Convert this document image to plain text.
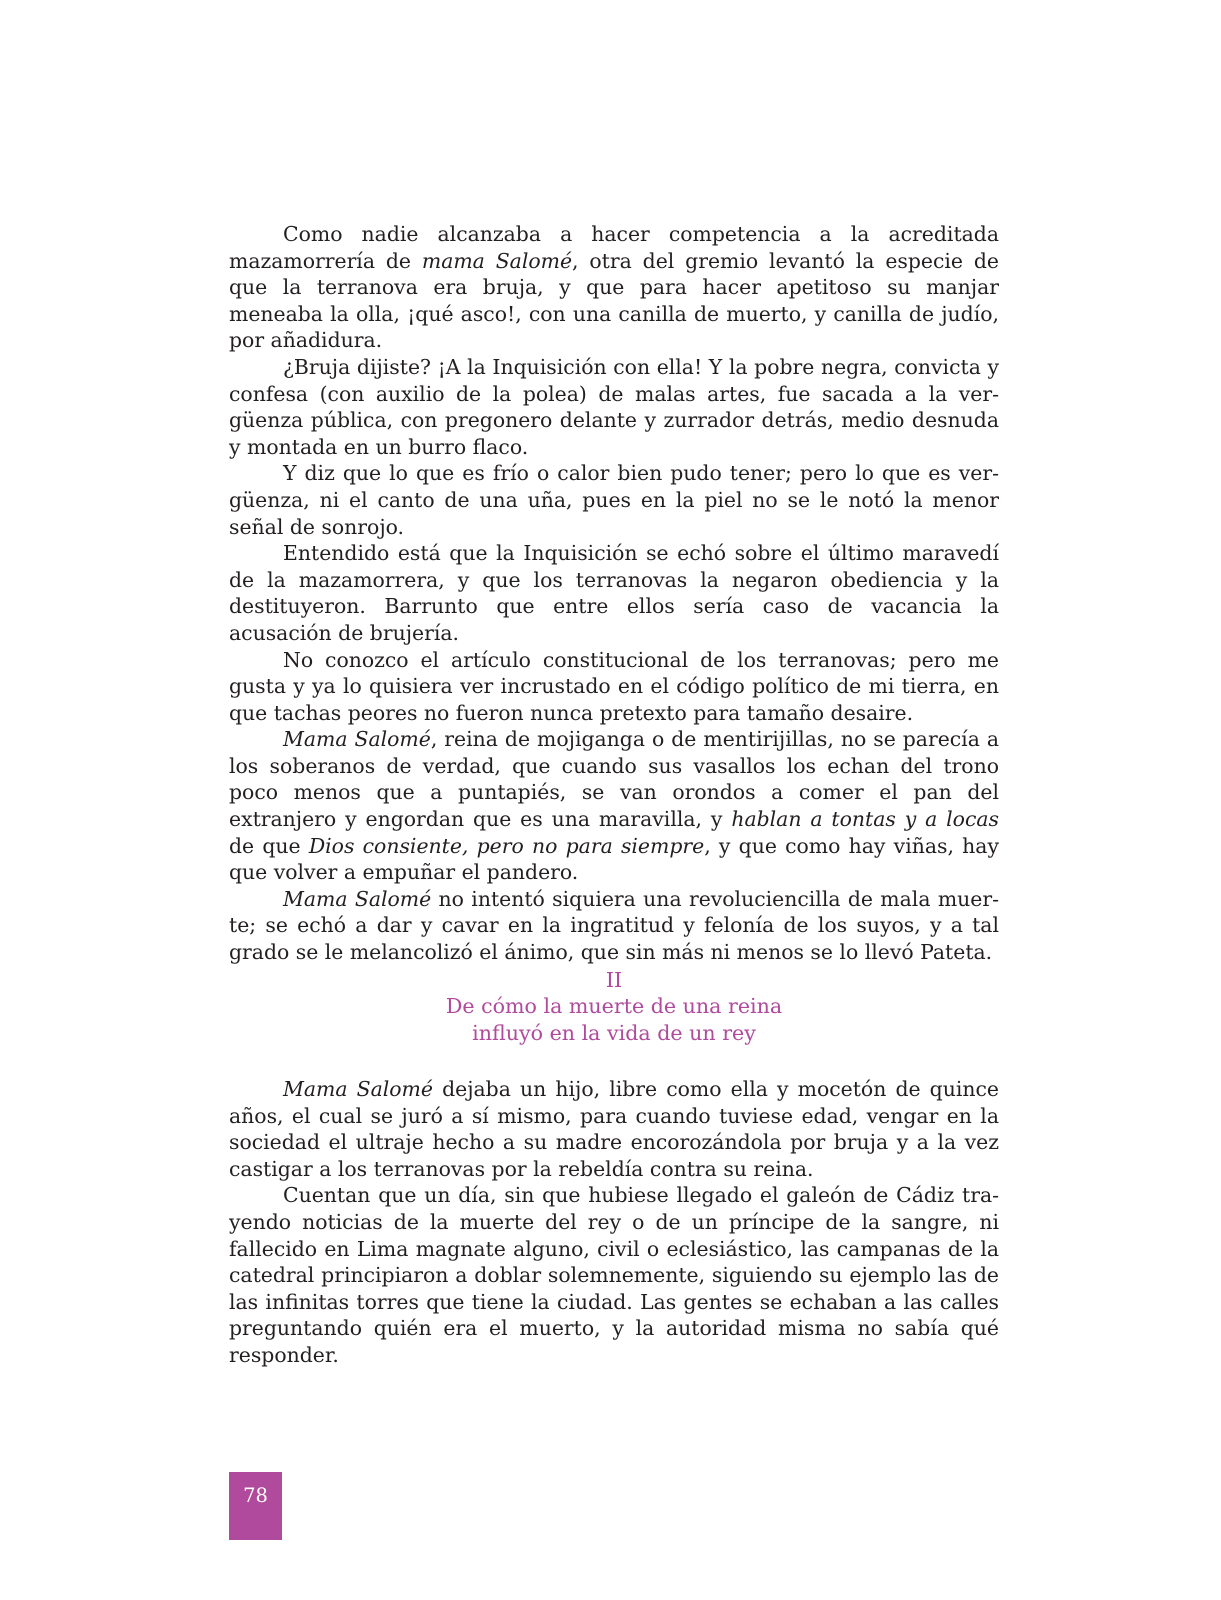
Como nadie alcanzaba a hacer competencia a la acreditada mazamorrería de mama Salomé, otra del gremio levantó la especie de que la terranova era bruja, y que para hacer apetitoso su manjar meneaba la olla, ¡qué asco!, con una canilla de muerto, y canilla de judío, por añadidura.

¿Bruja dijiste? ¡A la Inquisición con ella! Y la pobre negra, convicta y confesa (con auxilio de la polea) de malas artes, fue sacada a la vergüenza pública, con pregonero delante y zurrador detrás, medio desnuda y montada en un burro flaco.

Y diz que lo que es frío o calor bien pudo tener; pero lo que es vergüenza, ni el canto de una uña, pues en la piel no se le notó la menor señal de sonrojo.

Entendido está que la Inquisición se echó sobre el último maravedí de la mazamorrera, y que los terranovas la negaron obediencia y la destituyeron. Barrunto que entre ellos sería caso de vacancia la acusación de brujería.

No conozco el artículo constitucional de los terranovas; pero me gusta y ya lo quisiera ver incrustado en el código político de mi tierra, en que tachas peores no fueron nunca pretexto para tamaño desaire.

Mama Salomé, reina de mojiganga o de mentirijillas, no se parecía a los soberanos de verdad, que cuando sus vasallos los echan del trono poco menos que a puntapiés, se van orondos a comer el pan del extranjero y engordan que es una maravilla, y hablan a tontas y a locas de que Dios consiente, pero no para siempre, y que como hay viñas, hay que volver a empuñar el pandero.

Mama Salomé no intentó siquiera una revoluciencilla de mala muerte; se echó a dar y cavar en la ingratitud y felonía de los suyos, y a tal grado se le melancolizó el ánimo, que sin más ni menos se lo llevó Pateta.

II
De cómo la muerte de una reina
influyó en la vida de un rey

Mama Salomé dejaba un hijo, libre como ella y mocetón de quince años, el cual se juró a sí mismo, para cuando tuviese edad, vengar en la sociedad el ultraje hecho a su madre encorozándola por bruja y a la vez castigar a los terranovas por la rebeldía contra su reina.

Cuentan que un día, sin que hubiese llegado el galeón de Cádiz trayendo noticias de la muerte del rey o de un príncipe de la sangre, ni fallecido en Lima magnate alguno, civil o eclesiástico, las campanas de la catedral principiaron a doblar solemnemente, siguiendo su ejemplo las de las infinitas torres que tiene la ciudad. Las gentes se echaban a las calles preguntando quién era el muerto, y la autoridad misma no sabía qué responder.

78
